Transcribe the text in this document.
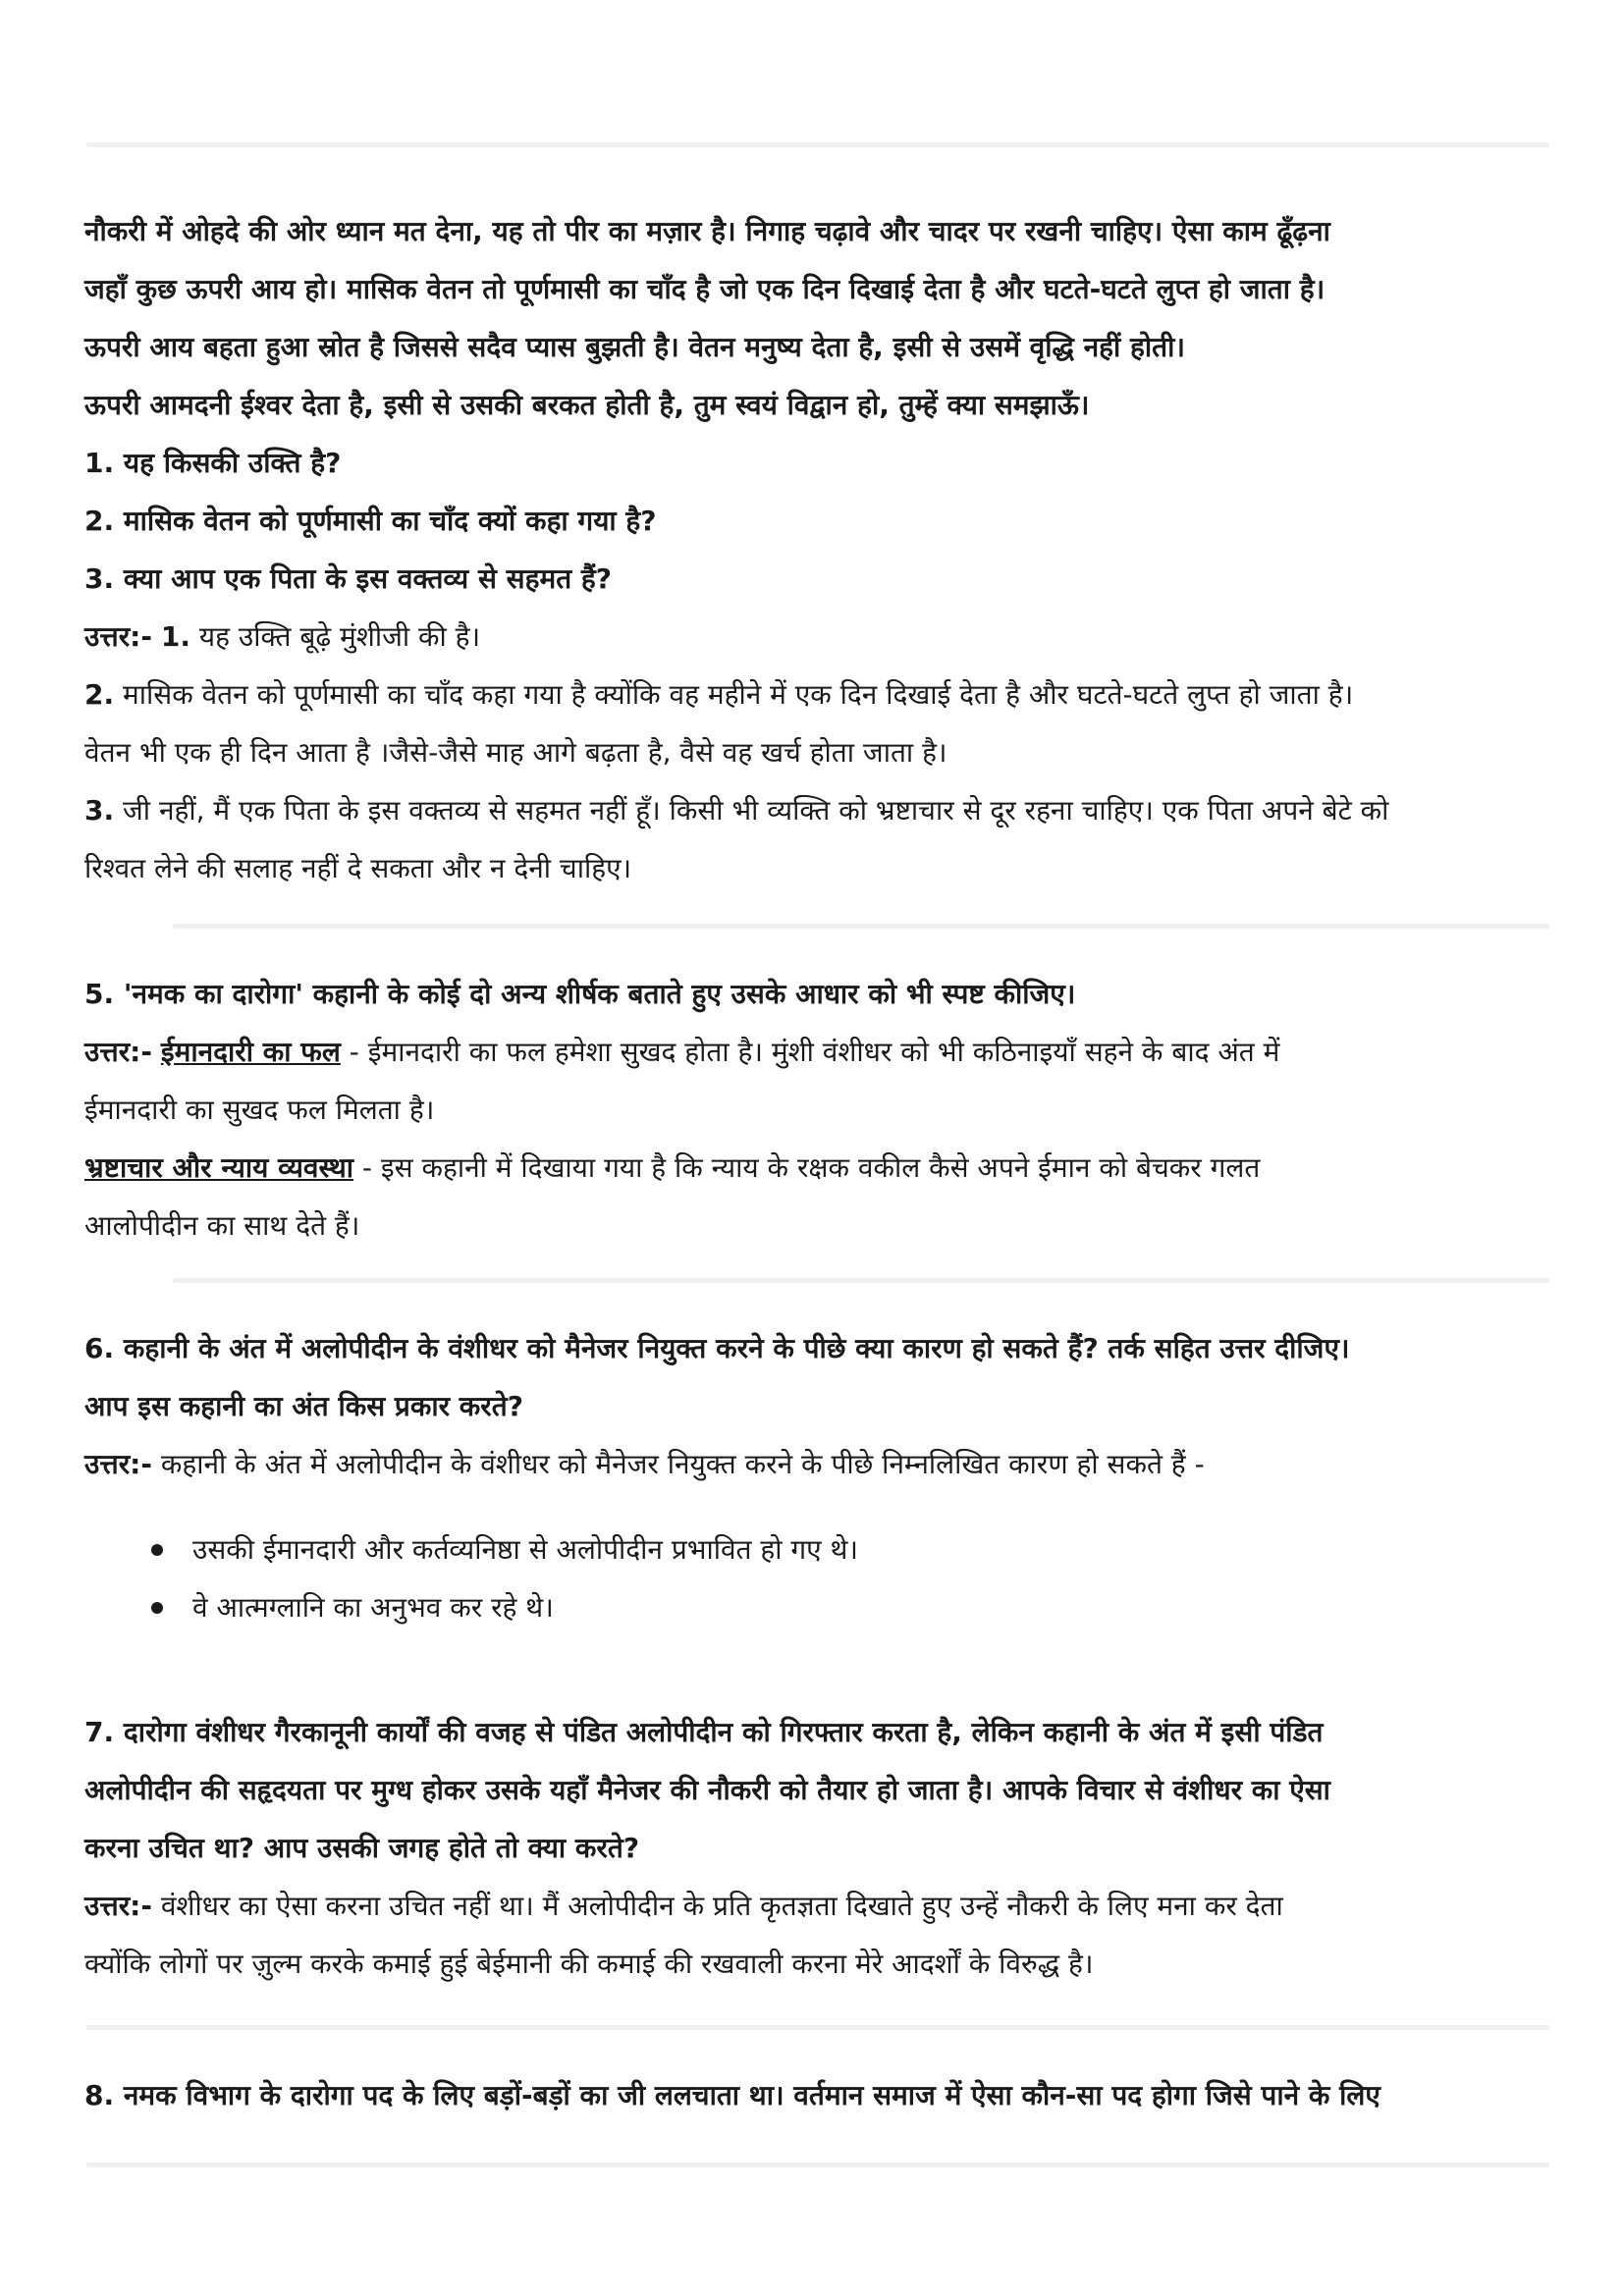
नौकरी में ओहदे की ओर ध्यान मत देना, यह तो पीर का मज़ार है। निगाह चढ़ावे और चादर पर रखनी चाहिए। ऐसा काम ढूँढ़ना
जहाँ कुछ ऊपरी आय हो। मासिक वेतन तो पूर्णमासी का चाँद है जो एक दिन दिखाई देता है और घटते-घटते लुप्त हो जाता है।
ऊपरी आय बहता हुआ स्रोत है जिससे सदैव प्यास बुझती है। वेतन मनुष्य देता है, इसी से उसमें वृद्धि नहीं होती।
ऊपरी आमदनी ईश्वर देता है, इसी से उसकी बरकत होती है, तुम स्वयं विद्वान हो, तुम्हें क्या समझाऊँ।
1. यह किसकी उक्ति है?
2. मासिक वेतन को पूर्णमासी का चाँद क्यों कहा गया है?
3. क्या आप एक पिता के इस वक्तव्य से सहमत हैं?
उत्तर:- 1. यह उक्ति बूढ़े मुंशीजी की है।
2. मासिक वेतन को पूर्णमासी का चाँद कहा गया है क्योंकि वह महीने में एक दिन दिखाई देता है और घटते-घटते लुप्त हो जाता है।
वेतन भी एक ही दिन आता है ।जैसे-जैसे माह आगे बढ़ता है, वैसे वह खर्च होता जाता है।
3. जी नहीं, मैं एक पिता के इस वक्तव्य से सहमत नहीं हूँ। किसी भी व्यक्ति को भ्रष्टाचार से दूर रहना चाहिए। एक पिता अपने बेटे को
रिश्वत लेने की सलाह नहीं दे सकता और न देनी चाहिए।
5. 'नमक का दारोगा' कहानी के कोई दो अन्य शीर्षक बताते हुए उसके आधार को भी स्पष्ट कीजिए।
उत्तर:- ईमानदारी का फल - ईमानदारी का फल हमेशा सुखद होता है। मुंशी वंशीधर को भी कठिनाइयाँ सहने के बाद अंत में
ईमानदारी का सुखद फल मिलता है।
भ्रष्टाचार और न्याय व्यवस्था - इस कहानी में दिखाया गया है कि न्याय के रक्षक वकील कैसे अपने ईमान को बेचकर गलत
आलोपीदीन का साथ देते हैं।
6. कहानी के अंत में अलोपीदीन के वंशीधर को मैनेजर नियुक्त करने के पीछे क्या कारण हो सकते हैं? तर्क सहित उत्तर दीजिए।
आप इस कहानी का अंत किस प्रकार करते?
उत्तर:- कहानी के अंत में अलोपीदीन के वंशीधर को मैनेजर नियुक्त करने के पीछे निम्नलिखित कारण हो सकते हैं -
उसकी ईमानदारी और कर्तव्यनिष्ठा से अलोपीदीन प्रभावित हो गए थे।
वे आत्मग्लानि का अनुभव कर रहे थे।
7. दारोगा वंशीधर गैरकानूनी कार्यों की वजह से पंडित अलोपीदीन को गिरफ्तार करता है, लेकिन कहानी के अंत में इसी पंडित
अलोपीदीन की सहृदयता पर मुग्ध होकर उसके यहाँ मैनेजर की नौकरी को तैयार हो जाता है। आपके विचार से वंशीधर का ऐसा
करना उचित था? आप उसकी जगह होते तो क्या करते?
उत्तर:- वंशीधर का ऐसा करना उचित नहीं था। मैं अलोपीदीन के प्रति कृतज्ञता दिखाते हुए उन्हें नौकरी के लिए मना कर देता
क्योंकि लोगों पर ज़ुल्म करके कमाई हुई बेईमानी की कमाई की रखवाली करना मेरे आदर्शों के विरुद्ध है।
8. नमक विभाग के दारोगा पद के लिए बड़ों-बड़ों का जी ललचाता था। वर्तमान समाज में ऐसा कौन-सा पद होगा जिसे पाने के लिए
